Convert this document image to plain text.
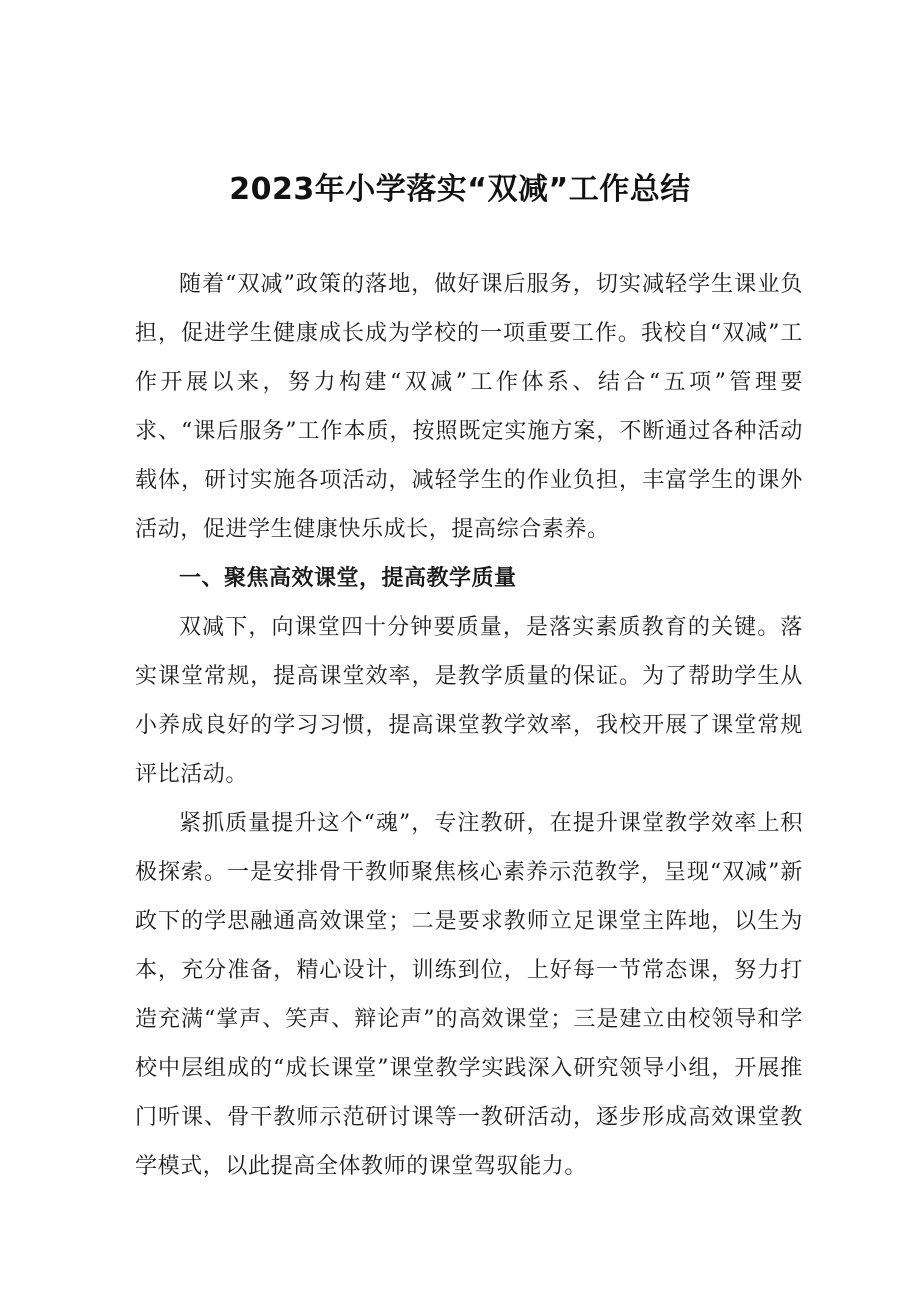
2023年小学落实“双减”工作总结

随着“双减”政策的落地，做好课后服务，切实减轻学生课业负担，促进学生健康成长成为学校的一项重要工作。我校自“双减”工作开展以来，努力构建“双减”工作体系、结合“五项”管理要求、“课后服务”工作本质，按照既定实施方案，不断通过各种活动载体，研讨实施各项活动，减轻学生的作业负担，丰富学生的课外活动，促进学生健康快乐成长，提高综合素养。

一、聚焦高效课堂，提高教学质量

双减下，向课堂四十分钟要质量，是落实素质教育的关键。落实课堂常规，提高课堂效率，是教学质量的保证。为了帮助学生从小养成良好的学习习惯，提高课堂教学效率，我校开展了课堂常规评比活动。

紧抓质量提升这个“魂”，专注教研，在提升课堂教学效率上积极探索。一是安排骨干教师聚焦核心素养示范教学，呈现“双减”新政下的学思融通高效课堂；二是要求教师立足课堂主阵地，以生为本，充分准备，精心设计，训练到位，上好每一节常态课，努力打造充满“掌声、笑声、辩论声”的高效课堂；三是建立由校领导和学校中层组成的“成长课堂”课堂教学实践深入研究领导小组，开展推门听课、骨干教师示范研讨课等一教研活动，逐步形成高效课堂教学模式，以此提高全体教师的课堂驾驭能力。
